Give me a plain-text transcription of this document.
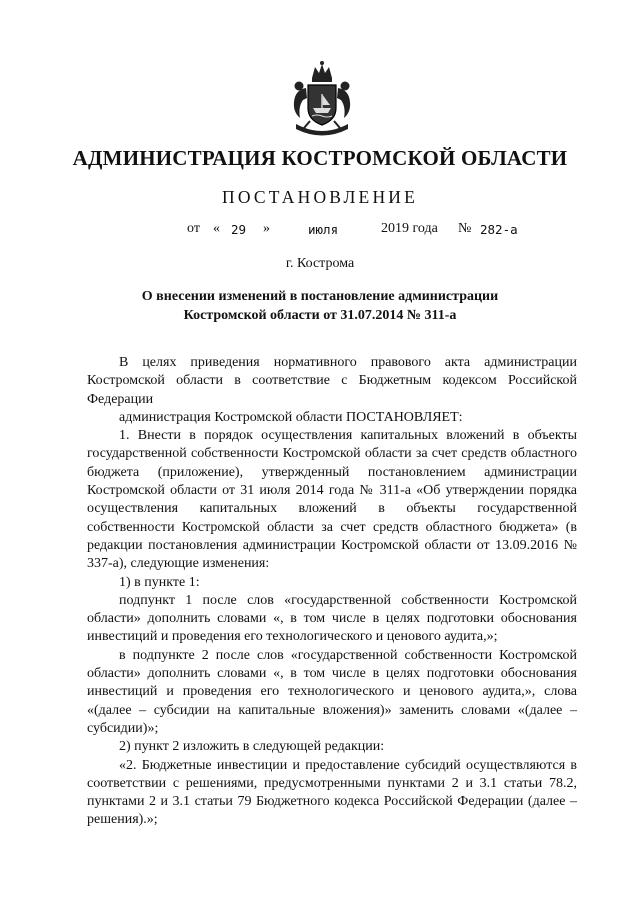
АДМИНИСТРАЦИЯ КОСТРОМСКОЙ ОБЛАСТИ
ПОСТАНОВЛЕНИЕ
от « 29 »	июля	2019 года № 282-а
г. Кострома
О внесении изменений в постановление администрации
Костромской области от 31.07.2014 № 311-а

В целях приведения нормативного правового акта администрации Костромской области в соответствие с Бюджетным кодексом Российской Федерации

администрация Костромской области ПОСТАНОВЛЯЕТ:

1. Внести в порядок осуществления капитальных вложений в объекты государственной собственности Костромской области за счет средств областного бюджета (приложение), утвержденный постановлением администрации Костромской области от 31 июля 2014 года № 311-а «Об утверждении порядка осуществления капитальных вложений в объекты государственной собственности Костромской области за счет средств областного бюджета» (в редакции постановления администрации Костромской области от 13.09.2016 № 337-а), следующие изменения:

1) в пункте 1:

подпункт 1 после слов «государственной собственности Костромской области» дополнить словами «, в том числе в целях подготовки обоснования инвестиций и проведения его технологического и ценового аудита,»;

в подпункте 2 после слов «государственной собственности Костромской области» дополнить словами «, в том числе в целях подготовки обоснования инвестиций и проведения его технологического и ценового аудита,», слова «(далее – субсидии на капитальные вложения)» заменить словами «(далее – субсидии)»;

2) пункт 2 изложить в следующей редакции:

«2. Бюджетные инвестиции и предоставление субсидий осуществляются в соответствии с решениями, предусмотренными пунктами 2 и 3.1 статьи 78.2, пунктами 2 и 3.1 статьи 79 Бюджетного кодекса Российской Федерации (далее – решения).»;
